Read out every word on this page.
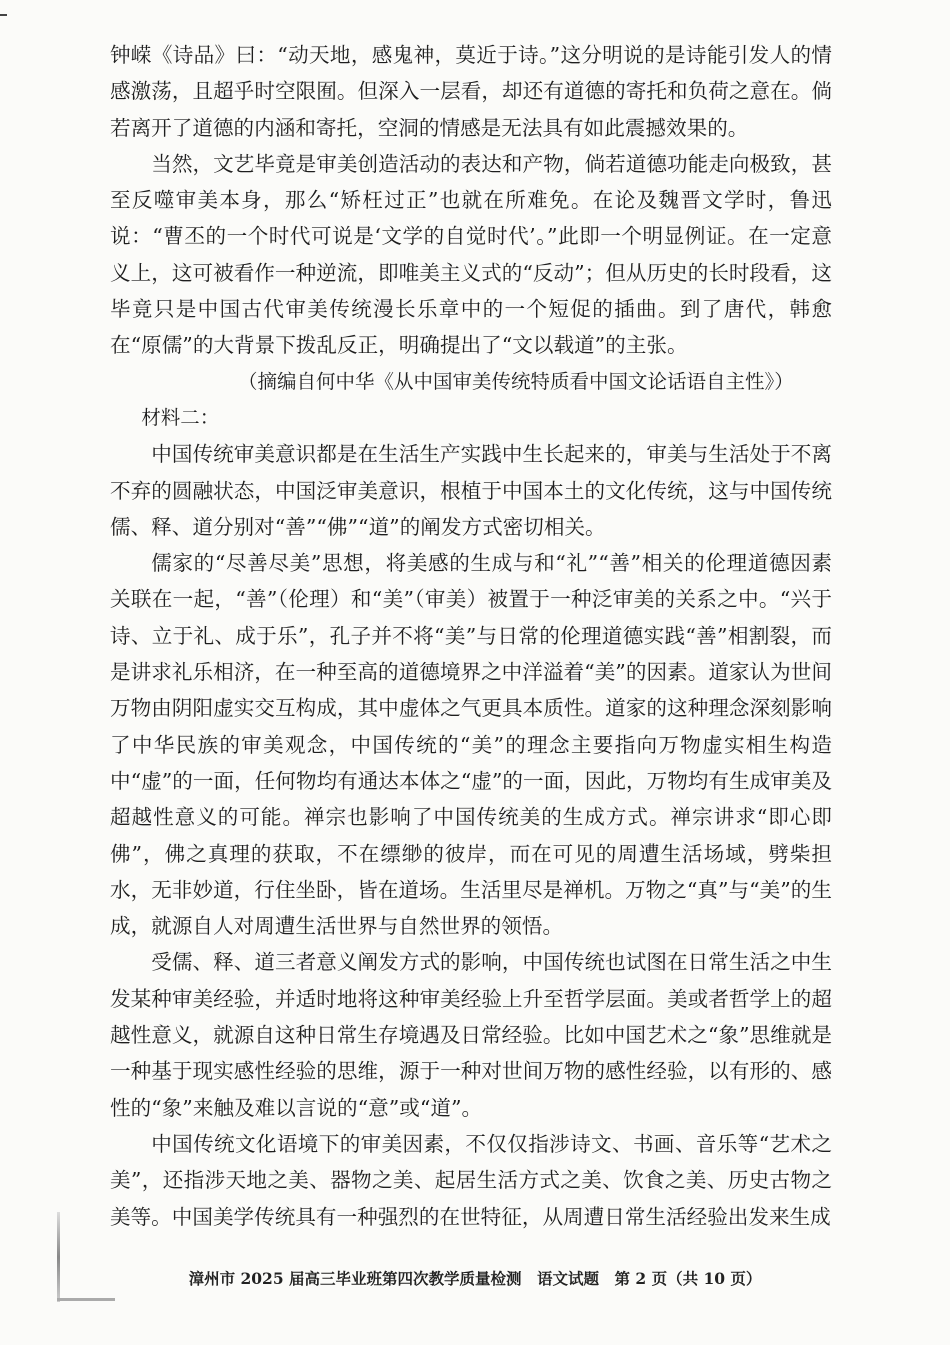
钟嵘《诗品》曰：“动天地，感鬼神，莫近于诗。”这分明说的是诗能引发人的情感激荡，且超乎时空限囿。但深入一层看，却还有道德的寄托和负荷之意在。倘若离开了道德的内涵和寄托，空洞的情感是无法具有如此震撼效果的。

当然，文艺毕竟是审美创造活动的表达和产物，倘若道德功能走向极致，甚至反噬审美本身，那么“矫枉过正”也就在所难免。在论及魏晋文学时，鲁迅说：“曹丕的一个时代可说是‘文学的自觉时代’。”此即一个明显例证。在一定意义上，这可被看作一种逆流，即唯美主义式的“反动”；但从历史的长时段看，这毕竟只是中国古代审美传统漫长乐章中的一个短促的插曲。到了唐代，韩愈在“原儒”的大背景下拨乱反正，明确提出了“文以载道”的主张。

（摘编自何中华《从中国审美传统特质看中国文论话语自主性》）

材料二：

中国传统审美意识都是在生活生产实践中生长起来的，审美与生活处于不离不弃的圆融状态，中国泛审美意识，根植于中国本土的文化传统，这与中国传统儒、释、道分别对“善”“佛”“道”的阐发方式密切相关。

儒家的“尽善尽美”思想，将美感的生成与和“礼”“善”相关的伦理道德因素关联在一起，“善”（伦理）和“美”（审美）被置于一种泛审美的关系之中。“兴于诗、立于礼、成于乐”，孔子并不将“美”与日常的伦理道德实践“善”相割裂，而是讲求礼乐相济，在一种至高的道德境界之中洋溢着“美”的因素。道家认为世间万物由阴阳虚实交互构成，其中虚体之气更具本质性。道家的这种理念深刻影响了中华民族的审美观念，中国传统的“美”的理念主要指向万物虚实相生构造中“虚”的一面，任何物均有通达本体之“虚”的一面，因此，万物均有生成审美及超越性意义的可能。禅宗也影响了中国传统美的生成方式。禅宗讲求“即心即佛”，佛之真理的获取，不在缥缈的彼岸，而在可见的周遭生活场域，劈柴担水，无非妙道，行住坐卧，皆在道场。生活里尽是禅机。万物之“真”与“美”的生成，就源自人对周遭生活世界与自然世界的领悟。

受儒、释、道三者意义阐发方式的影响，中国传统也试图在日常生活之中生发某种审美经验，并适时地将这种审美经验上升至哲学层面。美或者哲学上的超越性意义，就源自这种日常生存境遇及日常经验。比如中国艺术之“象”思维就是一种基于现实感性经验的思维，源于一种对世间万物的感性经验，以有形的、感性的“象”来触及难以言说的“意”或“道”。

中国传统文化语境下的审美因素，不仅仅指涉诗文、书画、音乐等“艺术之美”，还指涉天地之美、器物之美、起居生活方式之美、饮食之美、历史古物之美等。中国美学传统具有一种强烈的在世特征，从周遭日常生活经验出发来生成

漳州市 2025 届高三毕业班第四次教学质量检测　语文试题　第 2 页（共 10 页）
